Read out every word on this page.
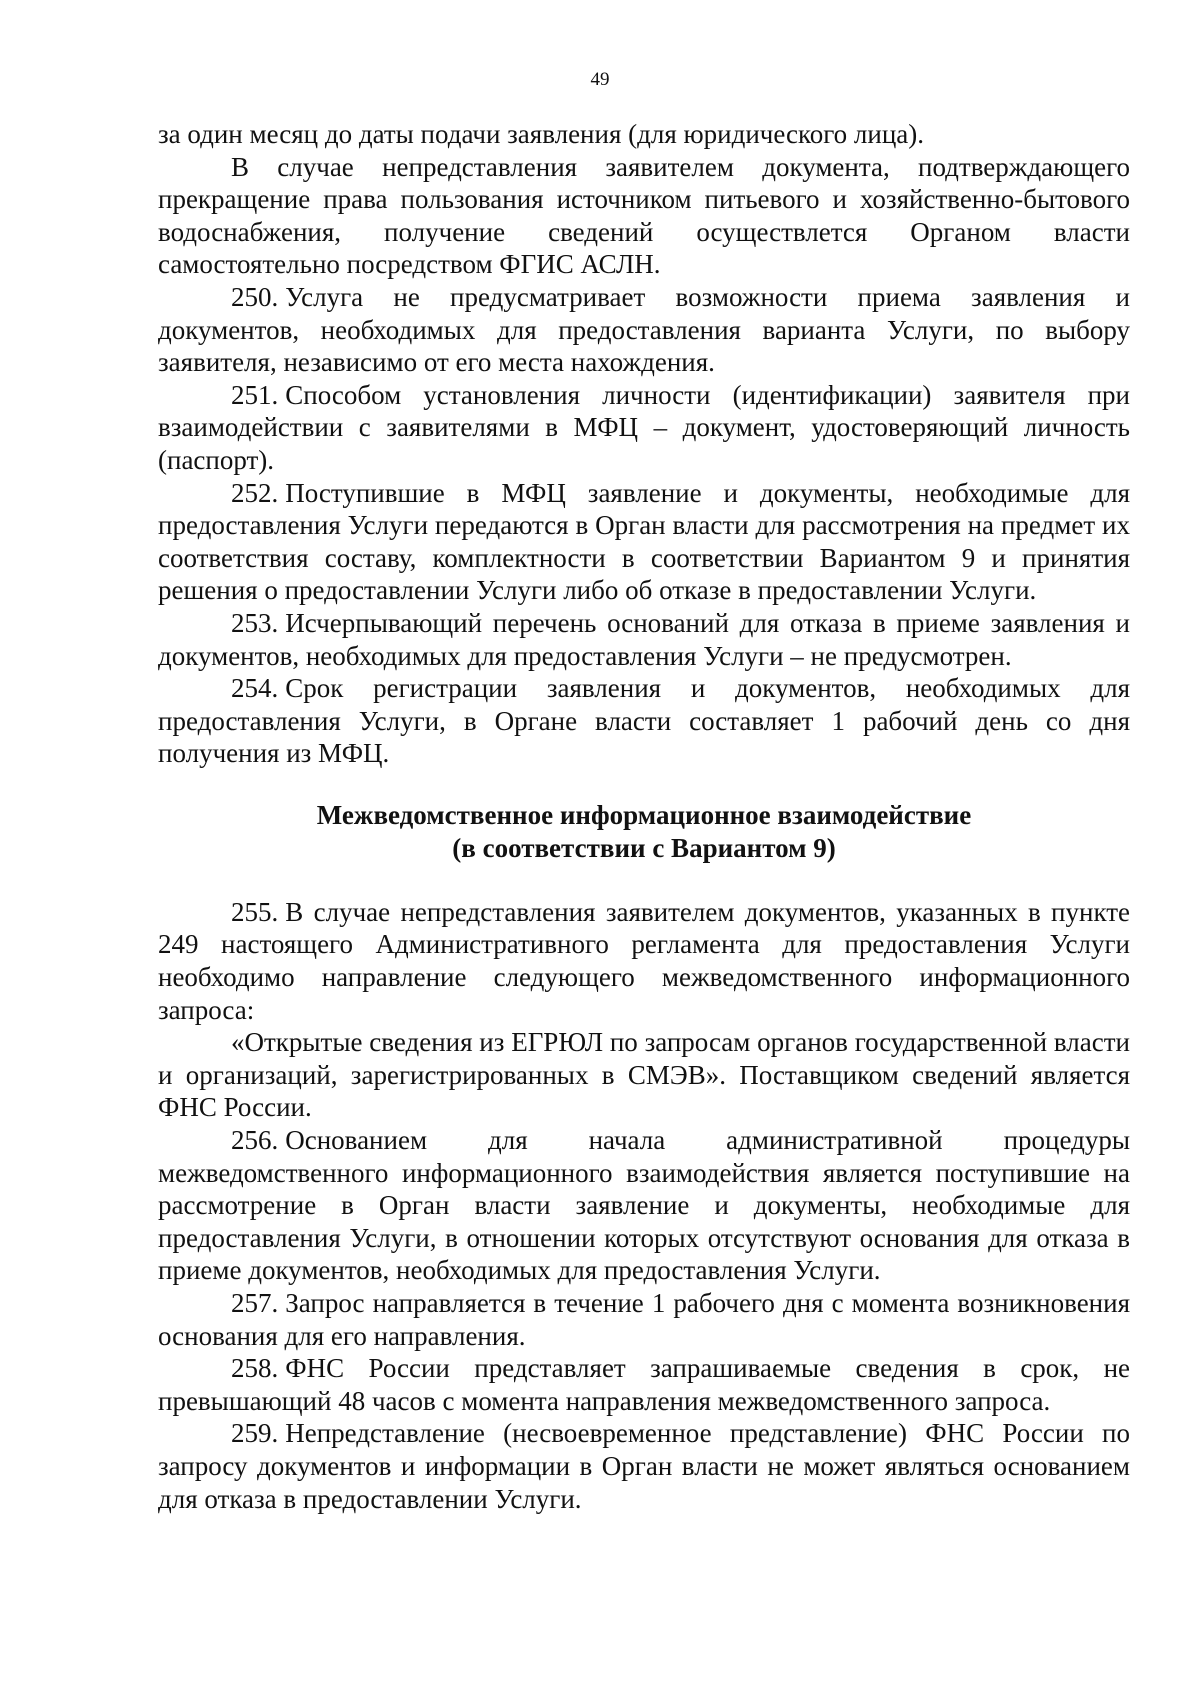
49

за один месяц до даты подачи заявления (для юридического лица).

В случае непредставления заявителем документа, подтверждающего прекращение права пользования источником питьевого и хозяйственно-бытового водоснабжения, получение сведений осуществлется Органом власти самостоятельно посредством ФГИС АСЛН.

250. Услуга не предусматривает возможности приема заявления и документов, необходимых для предоставления варианта Услуги, по выбору заявителя, независимо от его места нахождения.

251. Способом установления личности (идентификации) заявителя при взаимодействии с заявителями в МФЦ – документ, удостоверяющий личность (паспорт).

252. Поступившие в МФЦ заявление и документы, необходимые для предоставления Услуги передаются в Орган власти для рассмотрения на предмет их соответствия составу, комплектности в соответствии Вариантом 9 и принятия решения о предоставлении Услуги либо об отказе в предоставлении Услуги.

253. Исчерпывающий перечень оснований для отказа в приеме заявления и документов, необходимых для предоставления Услуги – не предусмотрен.

254. Срок регистрации заявления и документов, необходимых для предоставления Услуги, в Органе власти составляет 1 рабочий день со дня получения из МФЦ.

Межведомственное информационное взаимодействие

(в соответствии с Вариантом 9)

255. В случае непредставления заявителем документов, указанных в пункте 249 настоящего Административного регламента для предоставления Услуги необходимо направление следующего межведомственного информационного запроса:

«Открытые сведения из ЕГРЮЛ по запросам органов государственной власти и организаций, зарегистрированных в СМЭВ». Поставщиком сведений является ФНС России.

256. Основанием для начала административной процедуры межведомственного информационного взаимодействия является поступившие на рассмотрение в Орган власти заявление и документы, необходимые для предоставления Услуги, в отношении которых отсутствуют основания для отказа в приеме документов, необходимых для предоставления Услуги.

257. Запрос направляется в течение 1 рабочего дня с момента возникновения основания для его направления.

258. ФНС России представляет запрашиваемые сведения в срок, не превышающий 48 часов с момента направления межведомственного запроса.

259. Непредставление (несвоевременное представление) ФНС России по запросу документов и информации в Орган власти не может являться основанием для отказа в предоставлении Услуги.
